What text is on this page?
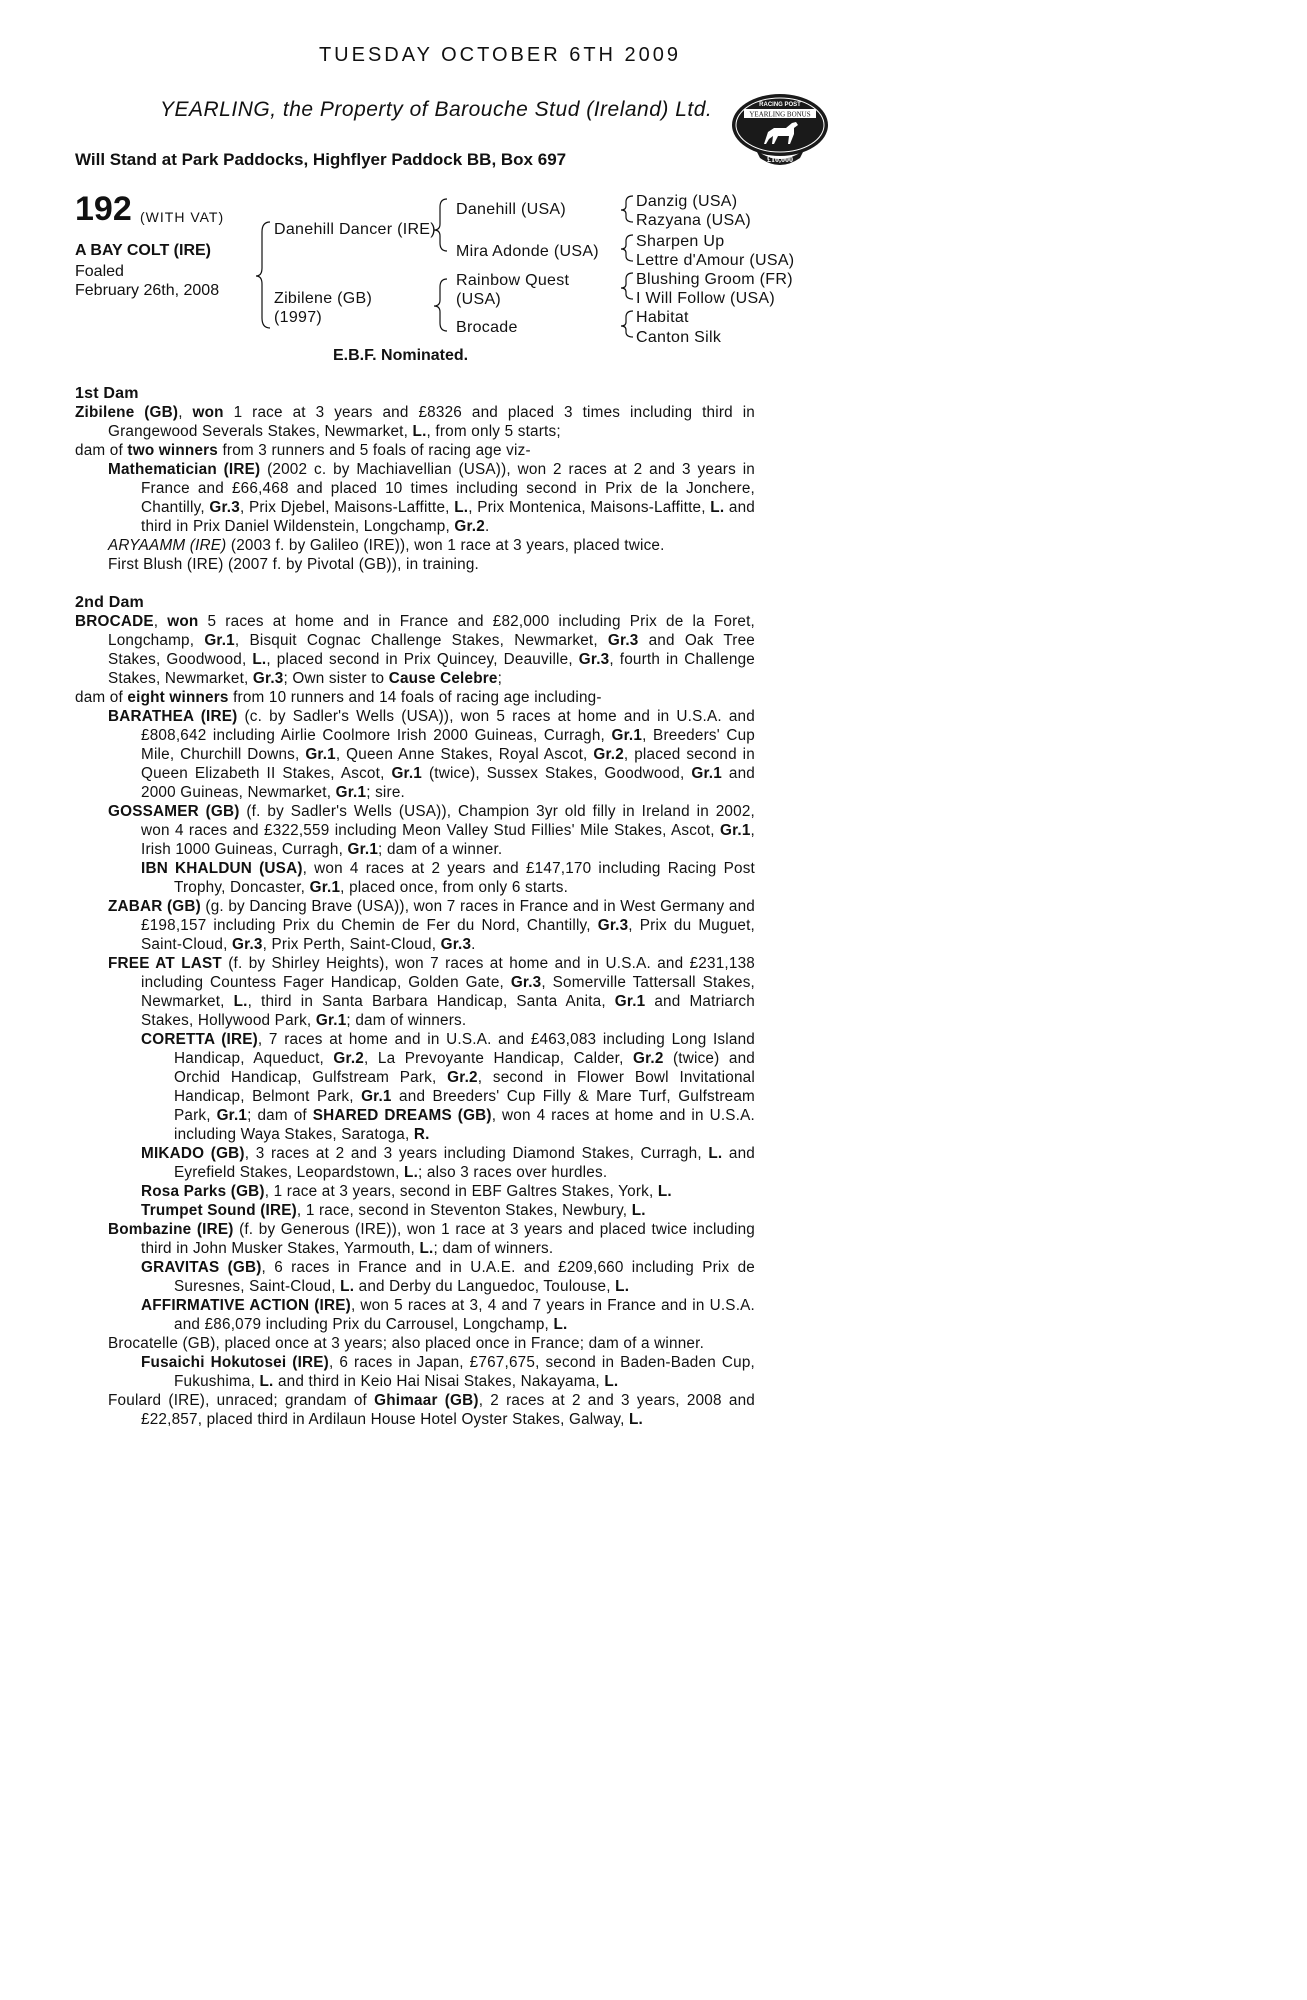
TUESDAY OCTOBER 6TH 2009
YEARLING, the Property of Barouche Stud (Ireland) Ltd.
Will Stand at Park Paddocks, Highflyer Paddock BB, Box 697
RACING POST
YEARLING BONUS
£10,000
192 (WITH VAT)
A BAY COLT (IRE)
Foaled
February 26th, 2008
Danehill Dancer (IRE)
Zibilene (GB)
(1997)
Danehill (USA)
Mira Adonde (USA)
Rainbow Quest
(USA)
Brocade
Danzig (USA)
Razyana (USA)
Sharpen Up
Lettre d'Amour (USA)
Blushing Groom (FR)
I Will Follow (USA)
Habitat
Canton Silk
E.B.F. Nominated.

1st Dam

Zibilene (GB), won 1 race at 3 years and £8326 and placed 3 times including third in Grangewood Severals Stakes, Newmarket, L., from only 5 starts;

dam of two winners from 3 runners and 5 foals of racing age viz-

Mathematician (IRE) (2002 c. by Machiavellian (USA)), won 2 races at 2 and 3 years in France and £66,468 and placed 10 times including second in Prix de la Jonchere, Chantilly, Gr.3, Prix Djebel, Maisons-Laffitte, L., Prix Montenica, Maisons-Laffitte, L. and third in Prix Daniel Wildenstein, Longchamp, Gr.2.

ARYAAMM (IRE) (2003 f. by Galileo (IRE)), won 1 race at 3 years, placed twice.

First Blush (IRE) (2007 f. by Pivotal (GB)), in training.

2nd Dam

BROCADE, won 5 races at home and in France and £82,000 including Prix de la Foret, Longchamp, Gr.1, Bisquit Cognac Challenge Stakes, Newmarket, Gr.3 and Oak Tree Stakes, Goodwood, L., placed second in Prix Quincey, Deauville, Gr.3, fourth in Challenge Stakes, Newmarket, Gr.3; Own sister to Cause Celebre;

dam of eight winners from 10 runners and 14 foals of racing age including-

BARATHEA (IRE) (c. by Sadler's Wells (USA)), won 5 races at home and in U.S.A. and £808,642 including Airlie Coolmore Irish 2000 Guineas, Curragh, Gr.1, Breeders' Cup Mile, Churchill Downs, Gr.1, Queen Anne Stakes, Royal Ascot, Gr.2, placed second in Queen Elizabeth II Stakes, Ascot, Gr.1 (twice), Sussex Stakes, Goodwood, Gr.1 and 2000 Guineas, Newmarket, Gr.1; sire.

GOSSAMER (GB) (f. by Sadler's Wells (USA)), Champion 3yr old filly in Ireland in 2002, won 4 races and £322,559 including Meon Valley Stud Fillies' Mile Stakes, Ascot, Gr.1, Irish 1000 Guineas, Curragh, Gr.1; dam of a winner.

IBN KHALDUN (USA), won 4 races at 2 years and £147,170 including Racing Post Trophy, Doncaster, Gr.1, placed once, from only 6 starts.

ZABAR (GB) (g. by Dancing Brave (USA)), won 7 races in France and in West Germany and £198,157 including Prix du Chemin de Fer du Nord, Chantilly, Gr.3, Prix du Muguet, Saint-Cloud, Gr.3, Prix Perth, Saint-Cloud, Gr.3.

FREE AT LAST (f. by Shirley Heights), won 7 races at home and in U.S.A. and £231,138 including Countess Fager Handicap, Golden Gate, Gr.3, Somerville Tattersall Stakes, Newmarket, L., third in Santa Barbara Handicap, Santa Anita, Gr.1 and Matriarch Stakes, Hollywood Park, Gr.1; dam of winners.

CORETTA (IRE), 7 races at home and in U.S.A. and £463,083 including Long Island Handicap, Aqueduct, Gr.2, La Prevoyante Handicap, Calder, Gr.2 (twice) and Orchid Handicap, Gulfstream Park, Gr.2, second in Flower Bowl Invitational Handicap, Belmont Park, Gr.1 and Breeders' Cup Filly & Mare Turf, Gulfstream Park, Gr.1; dam of SHARED DREAMS (GB), won 4 races at home and in U.S.A. including Waya Stakes, Saratoga, R.

MIKADO (GB), 3 races at 2 and 3 years including Diamond Stakes, Curragh, L. and Eyrefield Stakes, Leopardstown, L.; also 3 races over hurdles.

Rosa Parks (GB), 1 race at 3 years, second in EBF Galtres Stakes, York, L.

Trumpet Sound (IRE), 1 race, second in Steventon Stakes, Newbury, L.

Bombazine (IRE) (f. by Generous (IRE)), won 1 race at 3 years and placed twice including third in John Musker Stakes, Yarmouth, L.; dam of winners.

GRAVITAS (GB), 6 races in France and in U.A.E. and £209,660 including Prix de Suresnes, Saint-Cloud, L. and Derby du Languedoc, Toulouse, L.

AFFIRMATIVE ACTION (IRE), won 5 races at 3, 4 and 7 years in France and in U.S.A. and £86,079 including Prix du Carrousel, Longchamp, L.

Brocatelle (GB), placed once at 3 years; also placed once in France; dam of a winner.

Fusaichi Hokutosei (IRE), 6 races in Japan, £767,675, second in Baden-Baden Cup, Fukushima, L. and third in Keio Hai Nisai Stakes, Nakayama, L.

Foulard (IRE), unraced; grandam of Ghimaar (GB), 2 races at 2 and 3 years, 2008 and £22,857, placed third in Ardilaun House Hotel Oyster Stakes, Galway, L.
